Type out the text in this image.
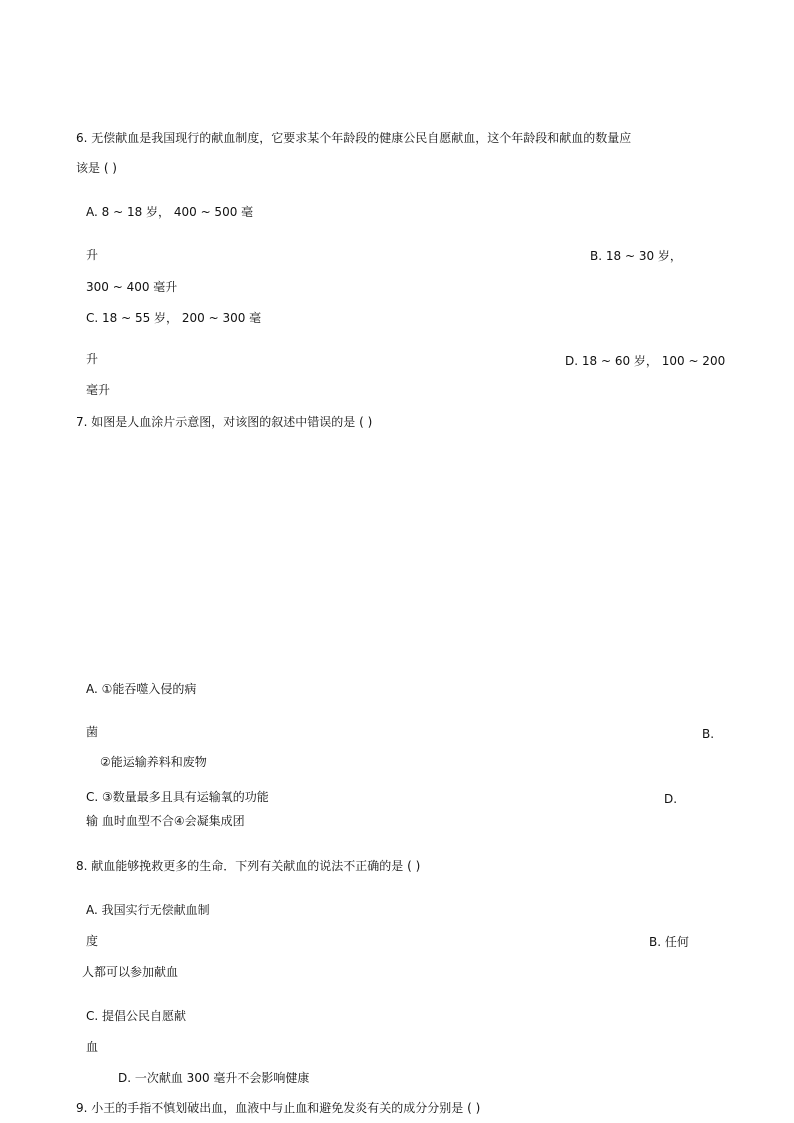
6. 无偿献血是我国现行的献血制度，它要求某个年龄段的健康公民自愿献血，这个年龄段和献血的数量应
该是 ( )
A. 8 ~ 18 岁， 400 ~ 500 毫
升	B. 18 ~ 30 岁，
300 ~ 400 毫升
C. 18 ~ 55 岁， 200 ~ 300 毫
升	D. 18 ~ 60 岁， 100 ~ 200
毫升
7. 如图是人血涂片示意图，对该图的叙述中错误的是 ( )
A. ①能吞噬入侵的病
菌	B.
②能运输养料和废物
C. ③数量最多且具有运输氧的功能	D.
输 血时血型不合④会凝集成团
8. 献血能够挽救更多的生命．下列有关献血的说法不正确的是 ( )
A. 我国实行无偿献血制
度	B. 任何
人都可以参加献血
C. 提倡公民自愿献
血
D. 一次献血 300 毫升不会影响健康
9. 小王的手指不慎划破出血，血液中与止血和避免发炎有关的成分分别是 ( )
